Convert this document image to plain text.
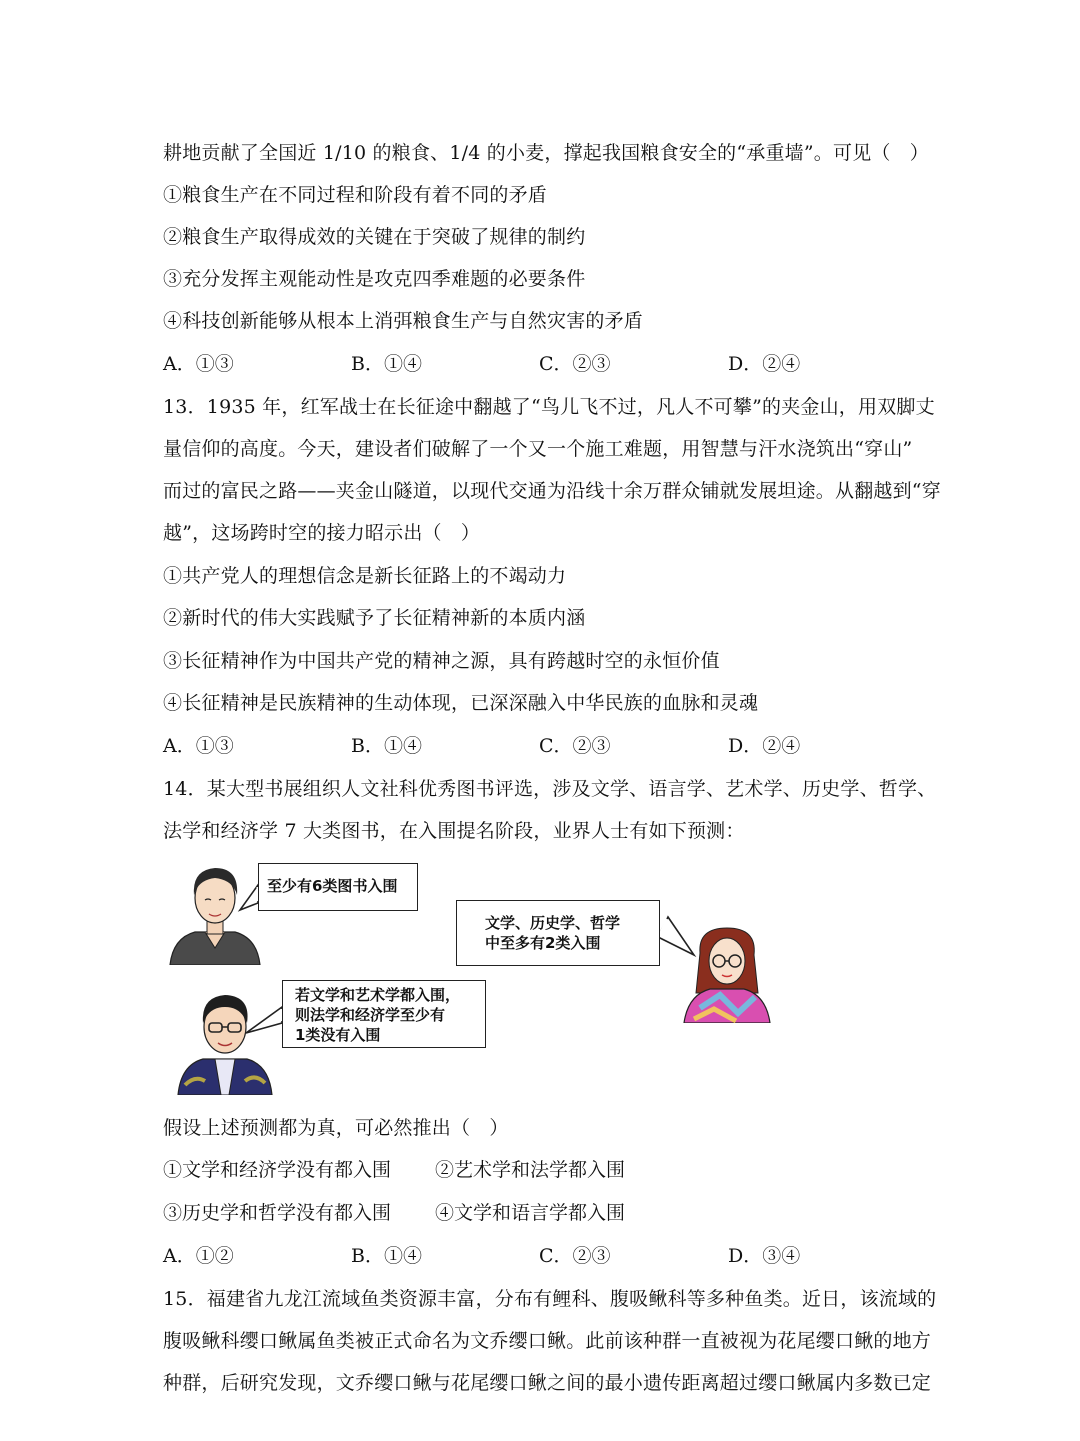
耕地贡献了全国近 1/10 的粮食、1/4 的小麦，撑起我国粮食安全的“承重墙”。可见（　）
①粮食生产在不同过程和阶段有着不同的矛盾
②粮食生产取得成效的关键在于突破了规律的制约
③充分发挥主观能动性是攻克四季难题的必要条件
④科技创新能够从根本上消弭粮食生产与自然灾害的矛盾
A．①③	B．①④	C．②③	D．②④
13．1935 年，红军战士在长征途中翻越了“鸟儿飞不过，凡人不可攀”的夹金山，用双脚丈
量信仰的高度。今天，建设者们破解了一个又一个施工难题，用智慧与汗水浇筑出“穿山”
而过的富民之路——夹金山隧道，以现代交通为沿线十余万群众铺就发展坦途。从翻越到“穿
越”，这场跨时空的接力昭示出（　）
①共产党人的理想信念是新长征路上的不竭动力
②新时代的伟大实践赋予了长征精神新的本质内涵
③长征精神作为中国共产党的精神之源，具有跨越时空的永恒价值
④长征精神是民族精神的生动体现，已深深融入中华民族的血脉和灵魂
A．①③	B．①④	C．②③	D．②④
14．某大型书展组织人文社科优秀图书评选，涉及文学、语言学、艺术学、历史学、哲学、
法学和经济学 7 大类图书，在入围提名阶段，业界人士有如下预测：
至少有6类图书入围
文学、历史学、哲学
中至多有2类入围
若文学和艺术学都入围，
则法学和经济学至少有
1类没有入围
假设上述预测都为真，可必然推出（　）
①文学和经济学没有都入围 ②艺术学和法学都入围
③历史学和哲学没有都入围 ④文学和语言学都入围
A．①②	B．①④	C．②③	D．③④
15．福建省九龙江流域鱼类资源丰富，分布有鲤科、腹吸鳅科等多种鱼类。近日，该流域的
腹吸鳅科缨口鳅属鱼类被正式命名为文乔缨口鳅。此前该种群一直被视为花尾缨口鳅的地方
种群，后研究发现，文乔缨口鳅与花尾缨口鳅之间的最小遗传距离超过缨口鳅属内多数已定
